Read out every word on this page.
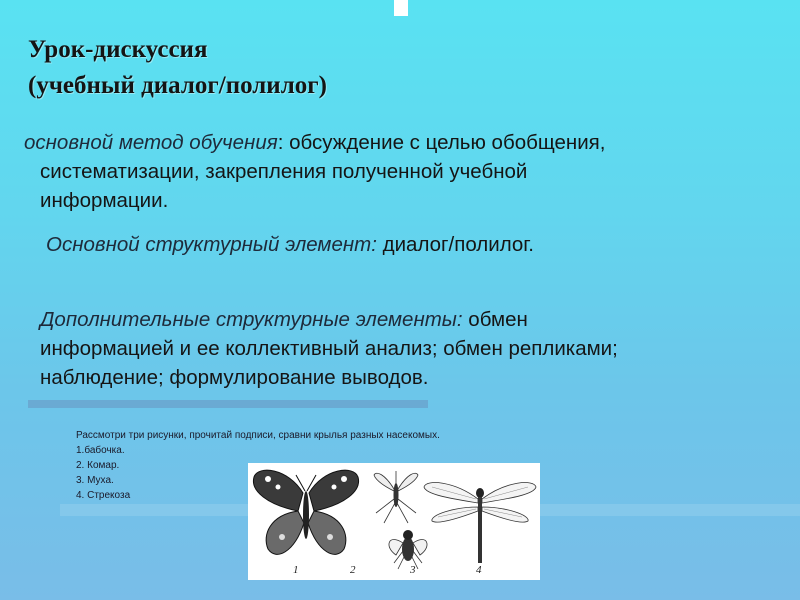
Урок-дискуссия
(учебный диалог/полилог)
основной метод обучения: обсуждение с целью обобщения,
систематизации, закрепления полученной учебной
информации.
Основной структурный элемент: диалог/полилог.
Дополнительные структурные элементы: обмен
информацией и ее коллективный анализ; обмен репликами;
наблюдение; формулирование выводов.
Рассмотри три рисунки, прочитай подписи, сравни крылья разных насекомых.
1.бабочка.
2. Комар.
3. Муха.
4. Стрекоза
1	2	3	4
